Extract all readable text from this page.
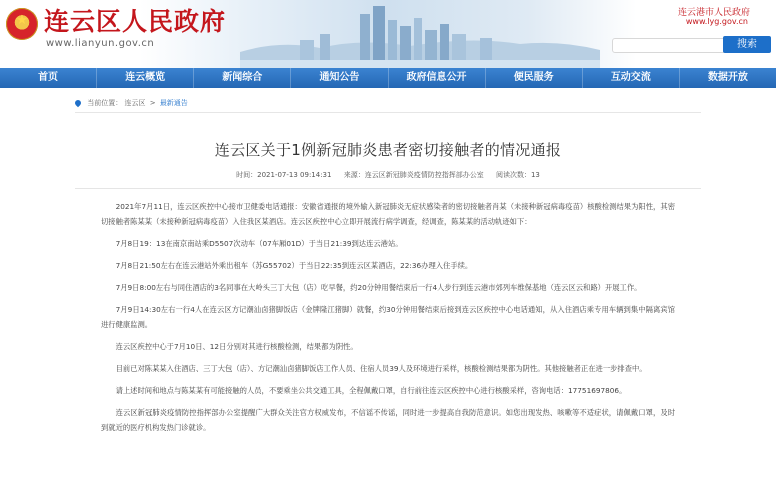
★ 连云区人民政府
www.lianyun.gov.cn
连云港市人民政府
www.lyg.gov.cn
搜索
首页	连云概览	新闻综合	通知公告	政府信息公开	便民服务	互动交流	数据开放
当前位置： 连云区 > 最新通告
连云区关于1例新冠肺炎患者密切接触者的情况通报
时间：2021-07-13 09:14:31 来源：连云区新冠肺炎疫情防控指挥部办公室 阅读次数：13

2021年7月11日，连云区疾控中心接市卫健委电话通报：安徽省通报的境外输入新冠肺炎无症状感染者的密切接触者肖某（未接种新冠病毒疫苗）核酸检测结果为阳性，其密切接触者陈某某（未接种新冠病毒疫苗）入住我区某酒店。连云区疾控中心立即开展流行病学调查，经调查，陈某某的活动轨迹如下：

7月8日19：13在南京南站乘D5507次动车（07车厢01D）于当日21:39到达连云港站。

7月8日21:50左右在连云港站外乘出租车（苏G55702）于当日22:35到连云区某酒店，22:36办理入住手续。

7月9日8:00左右与同住酒店的3名同事在大岭头三丁大包（店）吃早餐，约20分钟用餐结束后一行4人步行到连云港市郊列车维保基地（连云区云和路）开展工作。

7月9日14:30左右一行4人在连云区方记潮汕卤猪脚饭店（金牌隆江猪脚）就餐，约30分钟用餐结束后接到连云区疾控中心电话通知，从入住酒店乘专用车辆到集中隔离宾馆进行健康监测。

连云区疾控中心于7月10日、12日分别对其进行核酸检测，结果都为阴性。

目前已对陈某某入住酒店、三丁大包（店）、方记潮汕卤猪脚饭店工作人员、住宿人员39人及环境进行采样，核酸检测结果都为阴性。其他接触者正在进一步排查中。

请上述时间和地点与陈某某有可能接触的人员，不要乘坐公共交通工具，全程佩戴口罩，自行前往连云区疾控中心进行核酸采样，咨询电话：17751697806。

连云区新冠肺炎疫情防控指挥部办公室提醒广大群众关注官方权威发布，不信谣不传谣，同时进一步提高自我防范意识。如您出现发热、咳嗽等不适症状，请佩戴口罩，及时到就近的医疗机构发热门诊就诊。
